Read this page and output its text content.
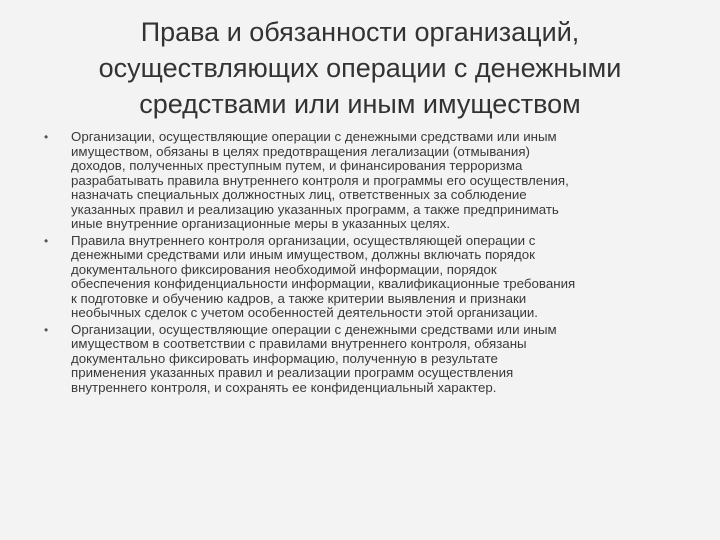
Права и обязанности организаций,
осуществляющих операции с денежными
средствами или иным имуществом
• Организации, осуществляющие операции с денежными средствами или иным
имуществом, обязаны в целях предотвращения легализации (отмывания)
доходов, полученных преступным путем, и финансирования терроризма
разрабатывать правила внутреннего контроля и программы его осуществления,
назначать специальных должностных лиц, ответственных за соблюдение
указанных правил и реализацию указанных программ, а также предпринимать
иные внутренние организационные меры в указанных целях.
• Правила внутреннего контроля организации, осуществляющей операции с
денежными средствами или иным имуществом, должны включать порядок
документального фиксирования необходимой информации, порядок
обеспечения конфиденциальности информации, квалификационные требования
к подготовке и обучению кадров, а также критерии выявления и признаки
необычных сделок с учетом особенностей деятельности этой организации.
• Организации, осуществляющие операции с денежными средствами или иным
имуществом в соответствии с правилами внутреннего контроля, обязаны
документально фиксировать информацию, полученную в результате
применения указанных правил и реализации программ осуществления
внутреннего контроля, и сохранять ее конфиденциальный характер.
